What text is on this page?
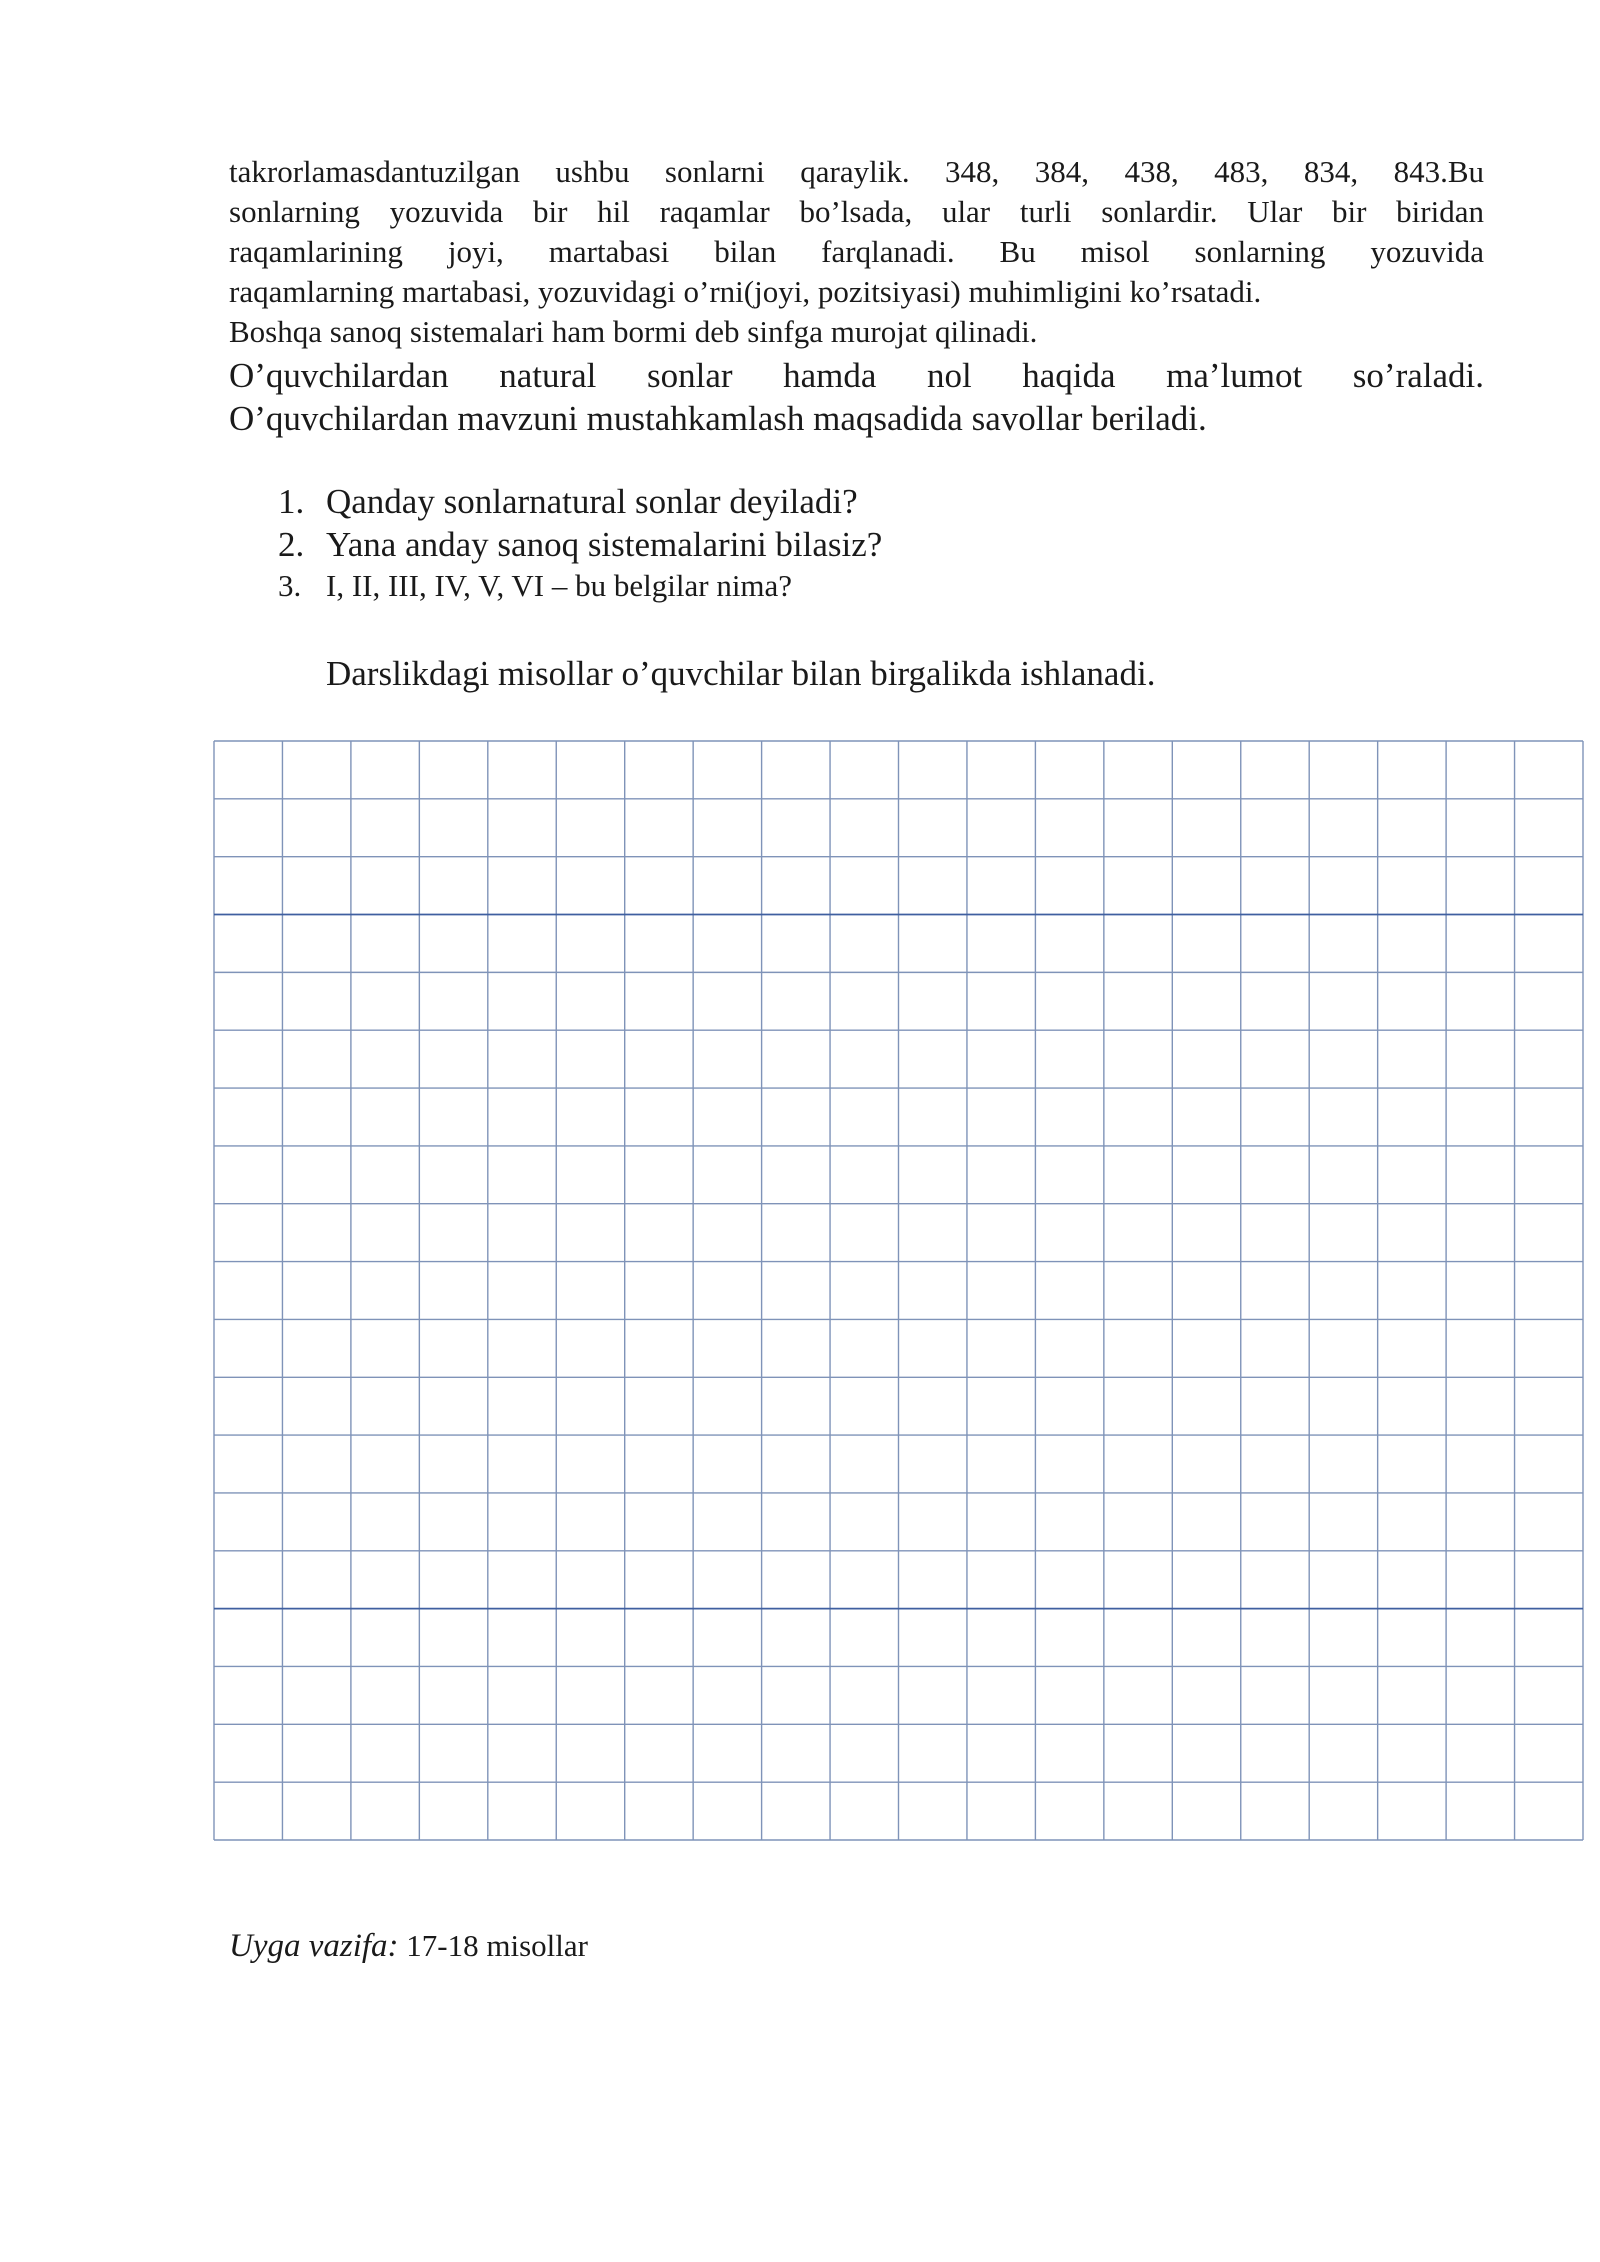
takrorlamasdantuzilgan ushbu sonlarni qaraylik. 348, 384, 438, 483, 834, 843.Bu

sonlarning yozuvida bir hil raqamlar bo’lsada, ular turli sonlardir. Ular bir biridan

raqamlarining joyi, martabasi bilan farqlanadi. Bu misol sonlarning yozuvida

raqamlarning martabasi, yozuvidagi o’rni(joyi, pozitsiyasi) muhimligini ko’rsatadi.

Boshqa sanoq sistemalari ham bormi deb sinfga murojat qilinadi.

O’quvchilardan natural sonlar hamda nol haqida ma’lumot so’raladi.

O’quvchilardan mavzuni mustahkamlash maqsadida savollar beriladi.

1. Qanday sonlarnatural sonlar deyiladi?
2. Yana anday sanoq sistemalarini bilasiz?
3. I, II, III, IV, V, VI – bu belgilar nima?

Darslikdagi misollar o’quvchilar bilan birgalikda ishlanadi.

Uyga vazifa: 17-18 misollar
